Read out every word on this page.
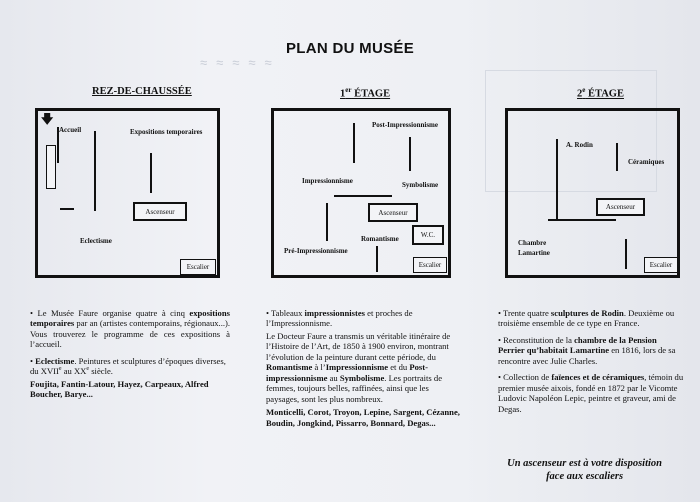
≈≈≈≈≈
PLAN DU MUSÉE
REZ-DE-CHAUSSÉE
🡇
Accueil	Expositions temporaires
Ascenseur
Eclectisme
Escalier
1er ÉTAGE
Post-Impressionnisme
Impressionnisme	Symbolisme
Ascenseur
W.C.
Romantisme
Pré-Impressionnisme
Escalier
2e ÉTAGE
A. Rodin
Céramiques
Ascenseur
Chambre
Lamartine
Escalier

• Le Musée Faure organise quatre à cinq expositions temporaires par an (artistes contemporains, régionaux...). Vous trouverez le programme de ces expositions à l’accueil.

• Eclectisme. Peintures et sculptures d’époques diverses, du XVIIe au XXe siècle.

Foujita, Fantin-Latour, Hayez, Carpeaux, Alfred Boucher, Barye...

• Tableaux impressionnistes et proches de l’Impressionnisme.

Le Docteur Faure a transmis un véritable itinéraire de l’Histoire de l’Art, de 1850 à 1900 environ, montrant l’évolution de la peinture durant cette période, du Romantisme à l’Impressionnisme et du Post-impressionnisme au Symbolisme. Les portraits de femmes, toujours belles, raffinées, ainsi que les paysages, sont les plus nombreux.

Monticelli, Corot, Troyon, Lepine, Sargent, Cézanne, Boudin, Jongkind, Pissarro, Bonnard, Degas...

• Trente quatre sculptures de Rodin. Deuxième ou troisième ensemble de ce type en France.

• Reconstitution de la chambre de la Pension Perrier qu’habitait Lamartine en 1816, lors de sa rencontre avec Julie Charles.

• Collection de faïences et de céramiques, témoin du premier musée aixois, fondé en 1872 par le Vicomte Ludovic Napoléon Lepic, peintre et graveur, ami de Degas.

Un ascenseur est à votre disposition
face aux escaliers
